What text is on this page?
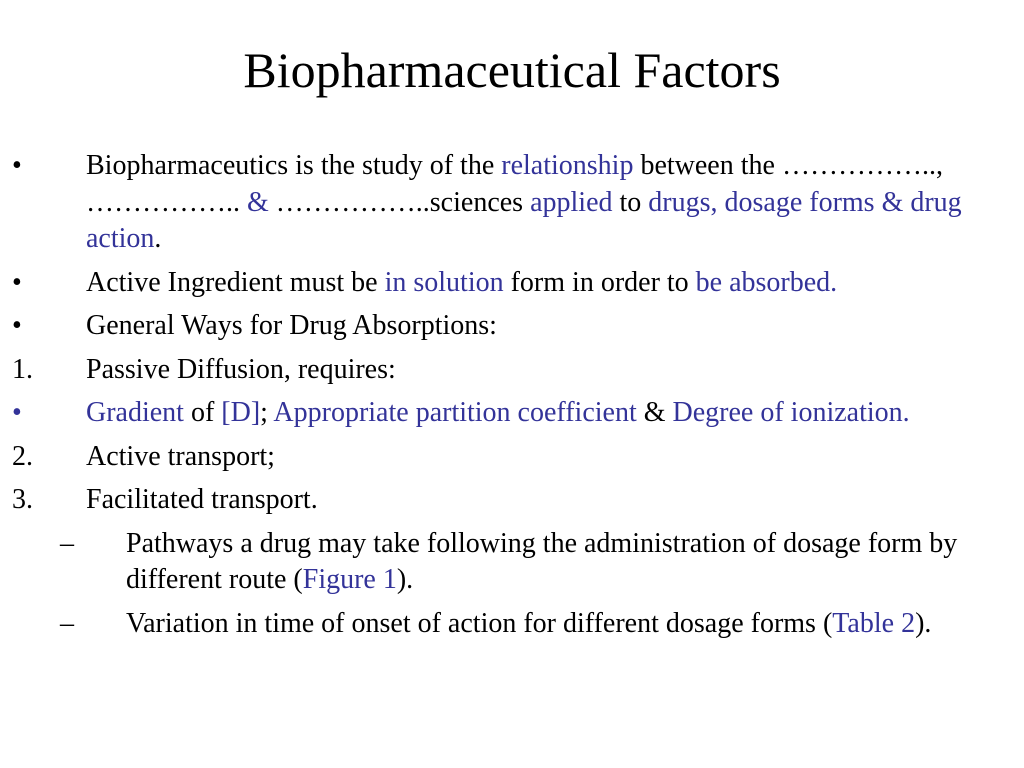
Biopharmaceutical Factors
• Biopharmaceutics is the study of the relationship between the …………….., …………….. & ……………..sciences applied to drugs, dosage forms & drug action.
• Active Ingredient must be in solution form in order to be absorbed.
• General Ways for Drug Absorptions:
1. Passive Diffusion, requires:
• Gradient of [D]; Appropriate partition coefficient & Degree of ionization.
2. Active transport;
3. Facilitated transport.
– Pathways a drug may take following the administration of dosage form by different route (Figure 1).
– Variation in time of onset of action for different dosage forms (Table 2).
